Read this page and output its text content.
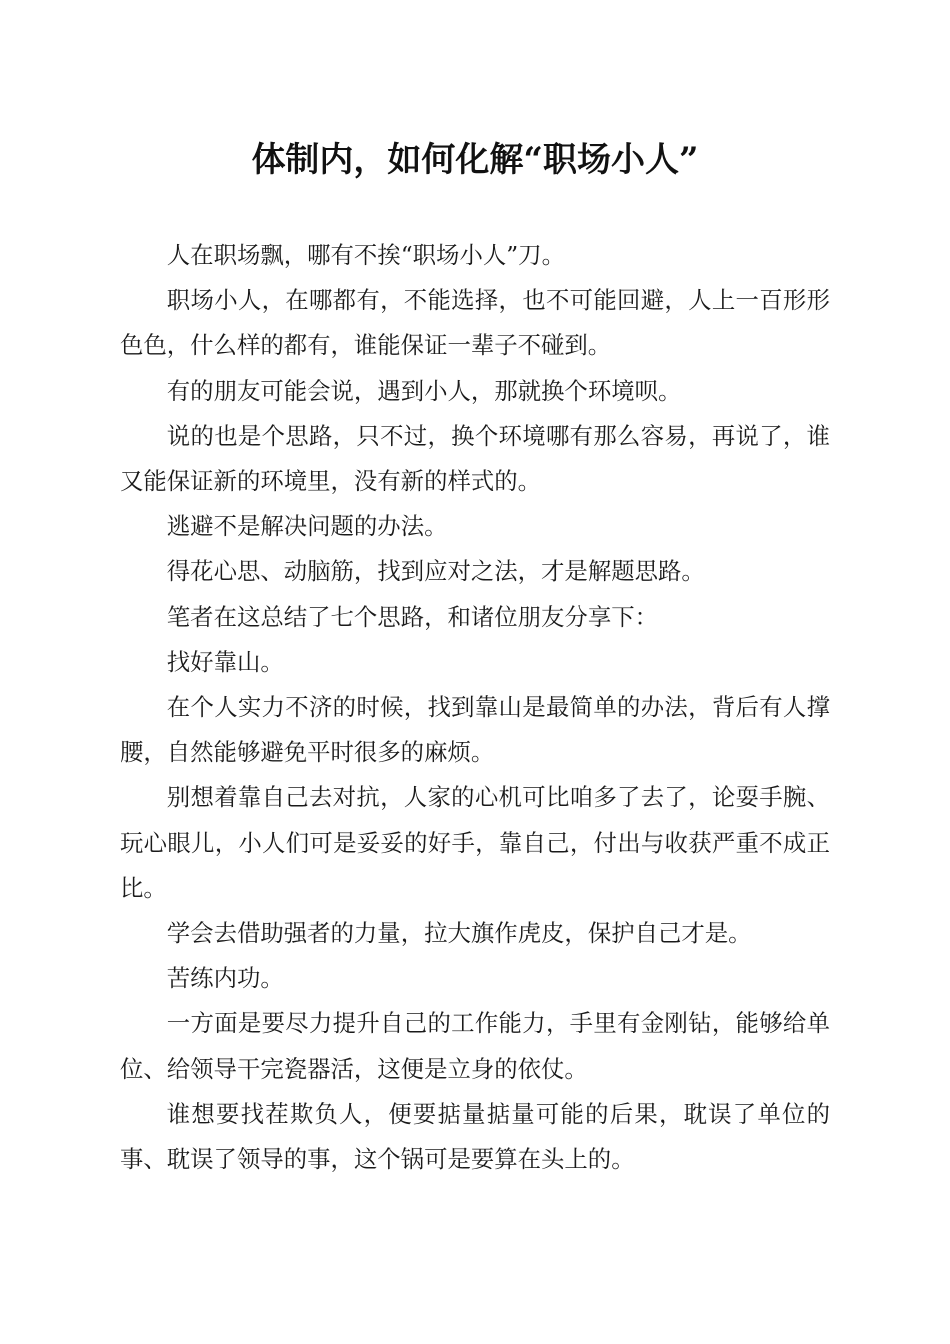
体制内，如何化解“职场小人”

人在职场飘，哪有不挨“职场小人”刀。

职场小人，在哪都有，不能选择，也不可能回避，人上一百形形色色，什么样的都有，谁能保证一辈子不碰到。

有的朋友可能会说，遇到小人，那就换个环境呗。

说的也是个思路，只不过，换个环境哪有那么容易，再说了，谁又能保证新的环境里，没有新的样式的。

逃避不是解决问题的办法。

得花心思、动脑筋，找到应对之法，才是解题思路。

笔者在这总结了七个思路，和诸位朋友分享下：

找好靠山。

在个人实力不济的时候，找到靠山是最简单的办法，背后有人撑腰，自然能够避免平时很多的麻烦。

别想着靠自己去对抗，人家的心机可比咱多了去了，论耍手腕、玩心眼儿，小人们可是妥妥的好手，靠自己，付出与收获严重不成正比。

学会去借助强者的力量，拉大旗作虎皮，保护自己才是。

苦练内功。

一方面是要尽力提升自己的工作能力，手里有金刚钻，能够给单位、给领导干完瓷器活，这便是立身的依仗。

谁想要找茬欺负人，便要掂量掂量可能的后果，耽误了单位的事、耽误了领导的事，这个锅可是要算在头上的。
